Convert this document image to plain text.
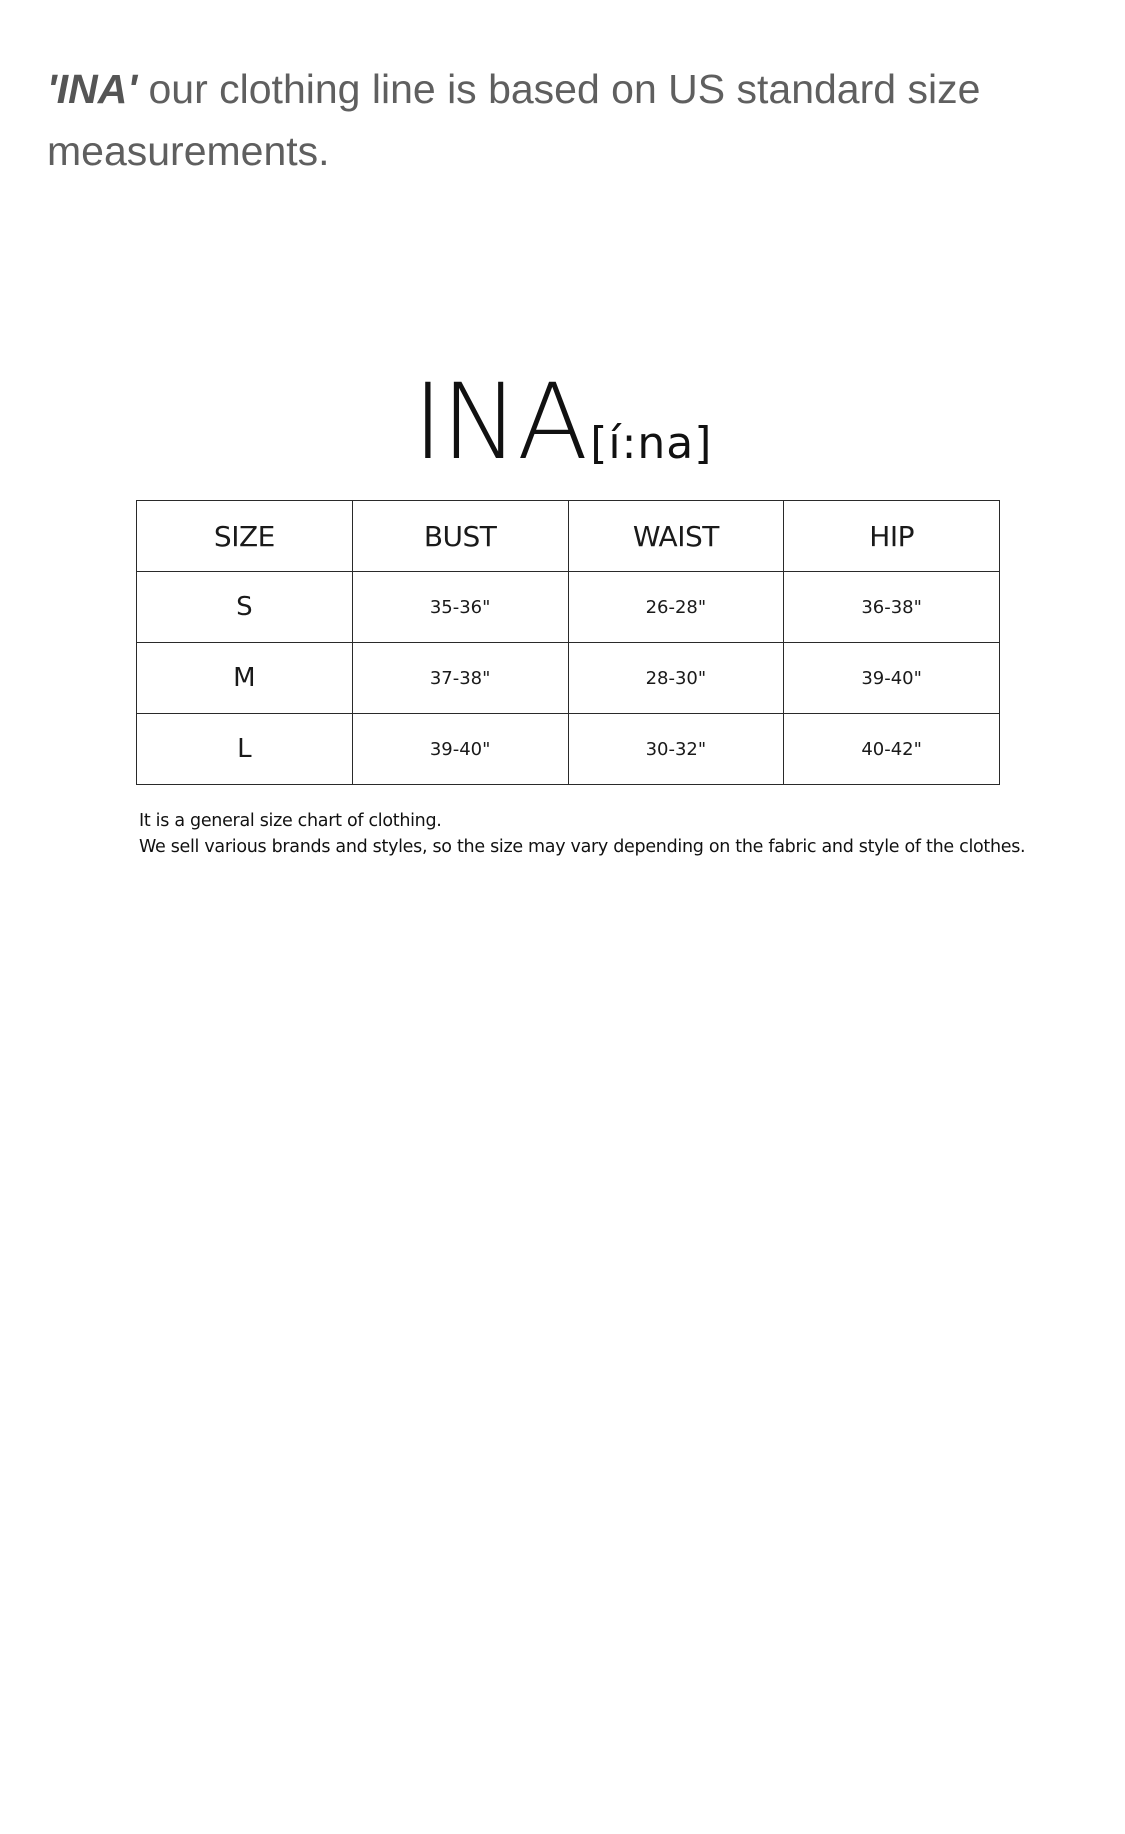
'INA' our clothing line is based on US standard size measurements.

INA[í:na]
SIZE	BUST	WAIST	HIP
S	35-36"	26-28"	36-38"
M	37-38"	28-30"	39-40"
L	39-40"	30-32"	40-42"

It is a general size chart of clothing.

We sell various brands and styles, so the size may vary depending on the fabric and style of the clothes.
